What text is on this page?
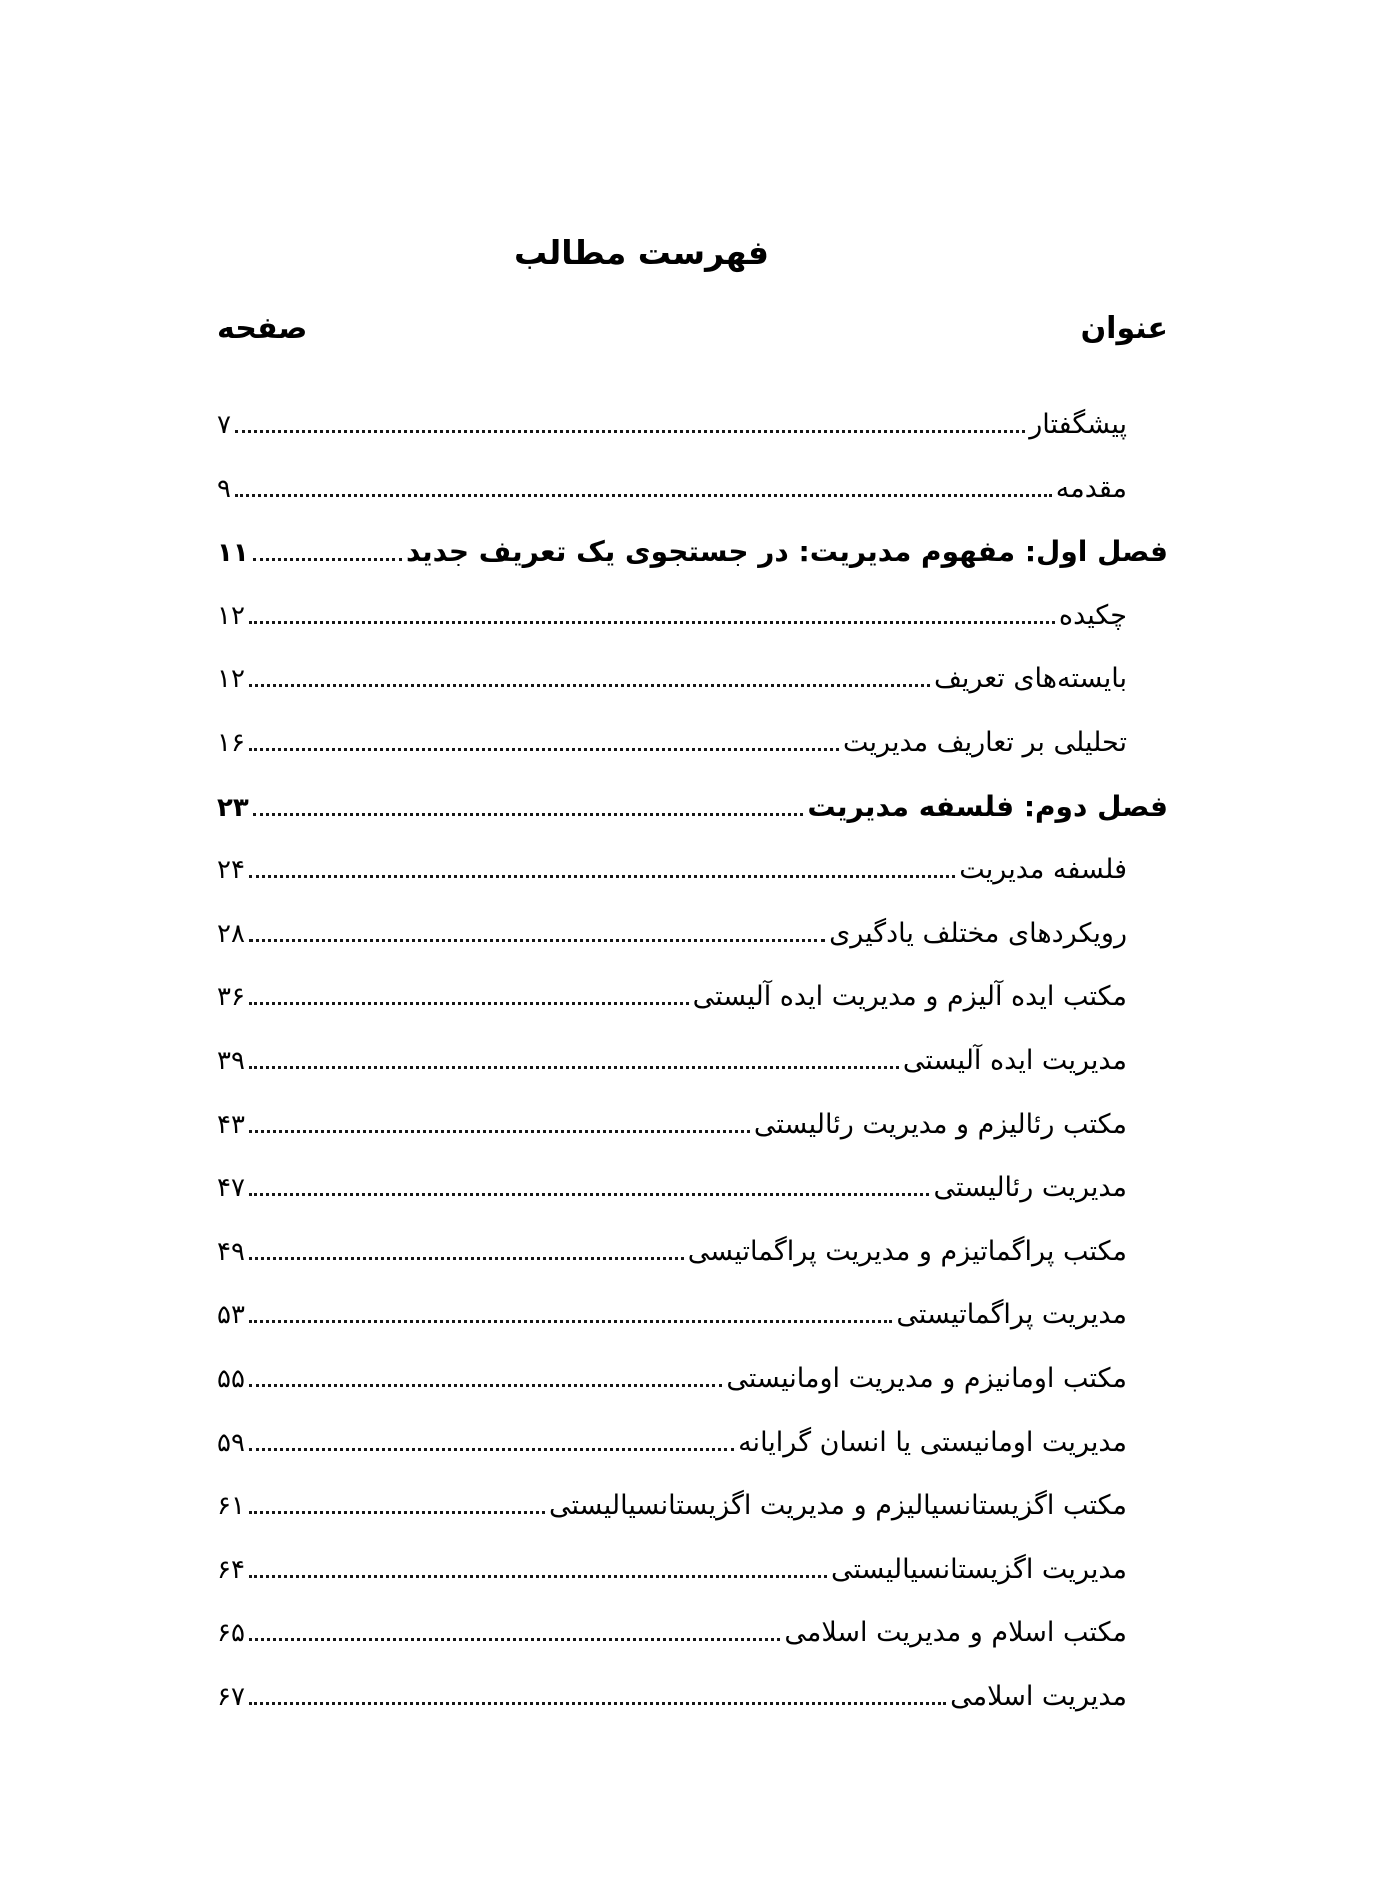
فهرست مطالب
عنوان
صفحه
پیشگفتار
۷
مقدمه
۹
فصل اول: مفهوم مدیریت: در جستجوی یک تعریف جدید
۱۱
چکیده
۱۲
بایسته‌های تعریف
۱۲
تحلیلی بر تعاریف مدیریت
۱۶
فصل دوم: فلسفه مدیریت
۲۳
فلسفه مدیریت
۲۴
رویکردهای مختلف یادگیری
۲۸
مکتب ایده آلیزم و مدیریت ایده آلیستی
۳۶
مدیریت ایده آلیستی
۳۹
مکتب رئالیزم و مدیریت رئالیستی
۴۳
مدیریت رئالیستی
۴۷
مکتب پراگماتیزم و مدیریت پراگماتیسی
۴۹
مدیریت پراگماتیستی
۵۳
مکتب اومانیزم و مدیریت اومانیستی
۵۵
مدیریت اومانیستی یا انسان گرایانه
۵۹
مکتب اگزیستانسیالیزم و مدیریت اگزیستانسیالیستی
۶۱
مدیریت اگزیستانسیالیستی
۶۴
مکتب اسلام و مدیریت اسلامی
۶۵
مدیریت اسلامی
۶۷
